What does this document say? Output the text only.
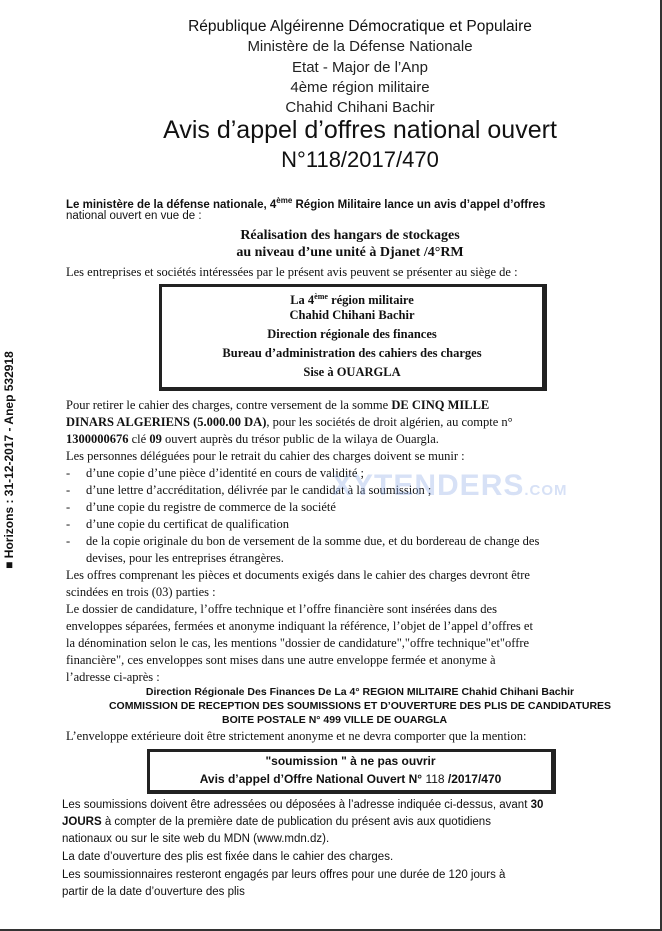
■ Horizons : 31-12-2017 - Anep 532918
République Algéirenne Démocratique et Populaire
Ministère de la Défense Nationale
Etat - Major de l’Anp
4ème région militaire
Chahid Chihani Bachir
Avis d’appel d’offres national ouvert
N°118/2017/470
Le ministère de la défense nationale, 4ème Région Militaire lance un avis d’appel d’offres
national ouvert en vue de :
Réalisation des hangars de stockages
au niveau d’une unité à Djanet /4°RM
Les entreprises et sociétés intéressées par le présent avis peuvent se présenter au siège de :
La 4ème région militaire
Chahid Chihani Bachir
Direction régionale des finances
Bureau d’administration des cahiers des charges
Sise à OUARGLA
Pour retirer le cahier des charges, contre versement de la somme DE CINQ MILLE
DINARS ALGERIENS (5.000.00 DA), pour les sociétés de droit algérien, au compte n°
1300000676 clé 09 ouvert auprès du trésor public de la wilaya de Ouargla.
Les personnes déléguées pour le retrait du cahier des charges doivent se munir :
- d’une copie d’une pièce d’identité en cours de validité ;
- d’une lettre d’accréditation, délivrée par le candidat à la soumission ;
- d’une copie du registre de commerce de la société
- d’une copie du certificat de qualification
- de la copie originale du bon de versement de la somme due, et du bordereau de change des
devises, pour les entreprises étrangères.
Les offres comprenant les pièces et documents exigés dans le cahier des charges devront être
scindées en trois (03) parties :
Le dossier de candidature, l’offre technique et l’offre financière sont insérées dans des
enveloppes séparées, fermées et anonyme indiquant la référence, l’objet de l’appel d’offres et
la dénomination selon le cas, les mentions "dossier de candidature","offre technique"et"offre
financière", ces enveloppes sont mises dans une autre enveloppe fermée et anonyme à
l’adresse ci-après :
Direction Régionale Des Finances De La 4° REGION MILITAIRE Chahid Chihani Bachir
COMMISSION DE RECEPTION DES SOUMISSIONS ET D’OUVERTURE DES PLIS DE CANDIDATURES
BOITE POSTALE N° 499 VILLE DE OUARGLA
L’enveloppe extérieure doit être strictement anonyme et ne devra comporter que la mention:
"soumission " à ne pas ouvrir
Avis d’appel d’Offre National Ouvert N° 118 /2017/470
Les soumissions doivent être adressées ou déposées à l’adresse indiquée ci-dessus, avant 30
JOURS à compter de la première date de publication du présent avis aux quotidiens
nationaux ou sur le site web du MDN (www.mdn.dz).
La date d’ouverture des plis est fixée dans le cahier des charges.
Les soumissionnaires resteront engagés par leurs offres pour une durée de 120 jours à
partir de la date d’ouverture des plis
XYTENDERS.COM
